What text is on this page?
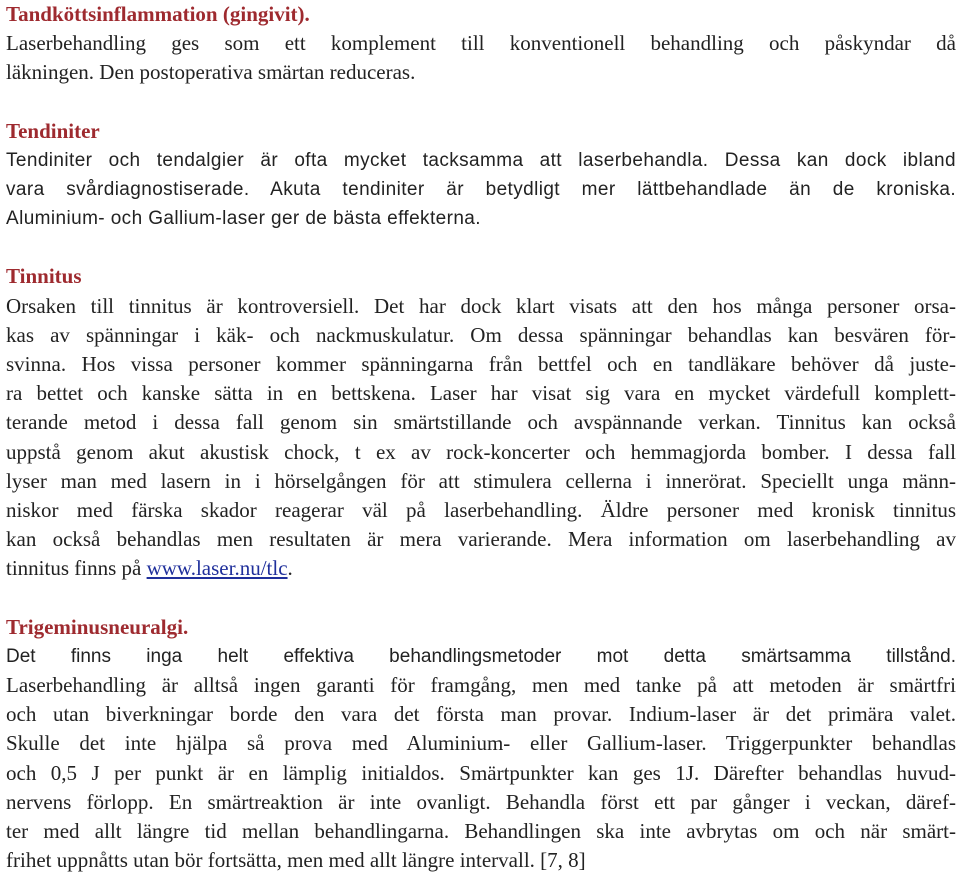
Tandköttsinflammation (gingivit).
Laserbehandling ges som ett komplement till konventionell behandling och påskyndar då
läkningen. Den postoperativa smärtan reduceras.
Tendiniter
Tendiniter och tendalgier är ofta mycket tacksamma att laserbehandla. Dessa kan dock ibland
vara svårdiagnostiserade. Akuta tendiniter är betydligt mer lättbehandlade än de kroniska.
Aluminium- och Gallium-laser ger de bästa effekterna.
Tinnitus
Orsaken till tinnitus är kontroversiell. Det har dock klart visats att den hos många personer orsa-
kas av spänningar i käk- och nackmuskulatur. Om dessa spänningar behandlas kan besvären för-
svinna. Hos vissa personer kommer spänningarna från bettfel och en tandläkare behöver då juste-
ra bettet och kanske sätta in en bettskena. Laser har visat sig vara en mycket värdefull komplett-
terande metod i dessa fall genom sin smärtstillande och avspännande verkan. Tinnitus kan också
uppstå genom akut akustisk chock, t ex av rock-koncerter och hemmagjorda bomber. I dessa fall
lyser man med lasern in i hörselgången för att stimulera cellerna i innerörat. Speciellt unga männ-
niskor med färska skador reagerar väl på laserbehandling. Äldre personer med kronisk tinnitus
kan också behandlas men resultaten är mera varierande. Mera information om laserbehandling av
tinnitus finns på www.laser.nu/tlc.
Trigeminusneuralgi.
Det finns inga helt effektiva behandlingsmetoder mot detta smärtsamma tillstånd.
Laserbehandling är alltså ingen garanti för framgång, men med tanke på att metoden är smärtfri
och utan biverkningar borde den vara det första man provar. Indium-laser är det primära valet.
Skulle det inte hjälpa så prova med Aluminium- eller Gallium-laser. Triggerpunkter behandlas
och 0,5 J per punkt är en lämplig initialdos. Smärtpunkter kan ges 1J. Därefter behandlas huvud-
nervens förlopp. En smärtreaktion är inte ovanligt. Behandla först ett par gånger i veckan, däref-
ter med allt längre tid mellan behandlingarna. Behandlingen ska inte avbrytas om och när smärt-
frihet uppnåtts utan bör fortsätta, men med allt längre intervall. [7, 8]
